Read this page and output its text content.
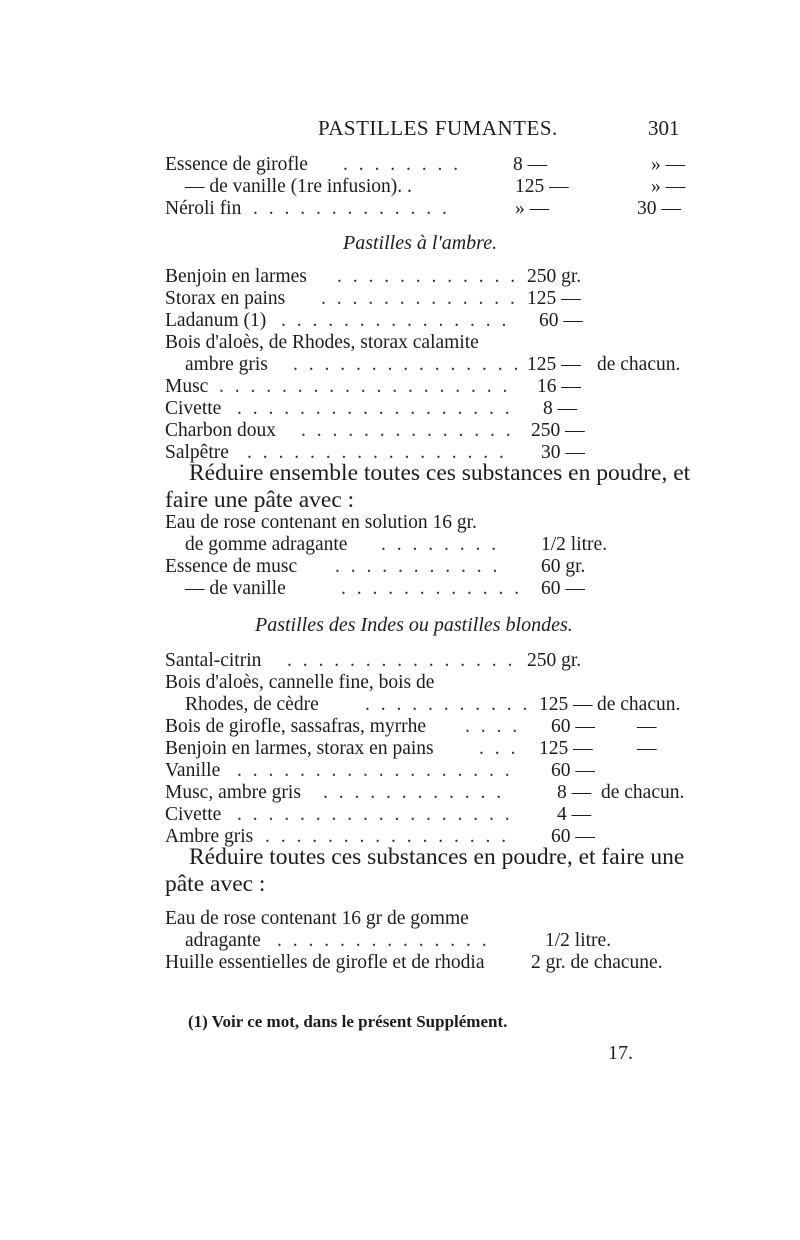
PASTILLES FUMANTES.	301
Essence de girofle . . . . . . . .	8 —	» —
— de vanille (1re infusion). .	125 —	» —
Néroli fin . . . . . . . . . . . . .	» —	30 —
Pastilles à l'ambre.
Benjoin en larmes . . . . . . . . . . . . 250 gr.
Storax en pains . . . . . . . . . . . . . 125 —
Ladanum (1) . . . . . . . . . . . . . . . 60 —
Bois d'aloès, de Rhodes, storax calamite
ambre gris . . . . . . . . . . . . . . . 125 — de chacun.
Musc . . . . . . . . . . . . . . . . . . . 16 —
Civette . . . . . . . . . . . . . . . . . . 8 —
Charbon doux . . . . . . . . . . . . . . 250 —
Salpêtre . . . . . . . . . . . . . . . . . 30 —
Réduire ensemble toutes ces substances en poudre, et
faire une pâte avec :
Eau de rose contenant en solution 16 gr.
de gomme adragante . . . . . . . . 1/2 litre.
Essence de musc . . . . . . . . . . . 60 gr.
— de vanille	. . . . . . . . . . . . 60 —
Pastilles des Indes ou pastilles blondes.
Santal-citrin . . . . . . . . . . . . . . . 250 gr.
Bois d'aloès, cannelle fine, bois de
Rhodes, de cèdre . . . . . . . . . . . 125 — de chacun.
Bois de girofle, sassafras, myrrhe . . . . 60 — —
Benjoin en larmes, storax en pains . . . 125 — —
Vanille . . . . . . . . . . . . . . . . . . 60 —
Musc, ambre gris . . . . . . . . . . . .	8 — de chacun.
Civette . . . . . . . . . . . . . . . . . . 4 —
Ambre gris . . . . . . . . . . . . . . . . 60 —
Réduire toutes ces substances en poudre, et faire une
pâte avec :
Eau de rose contenant 16 gr de gomme
adragante . . . . . . . . . . . . . .	1/2 litre.
Huille essentielles de girofle et de rhodia 2 gr. de chacune.
(1) Voir ce mot, dans le présent Supplément.
17.
